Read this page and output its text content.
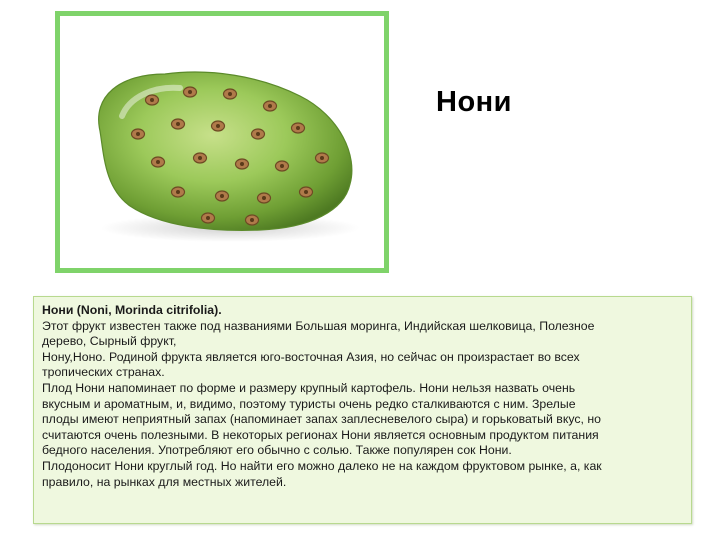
Нони
Нони (Noni, Morinda citrifolia).
Этот фрукт известен также под названиями Большая моринга, Индийская шелковица, Полезное
дерево, Сырный фрукт,
Нону,Ноно. Родиной фрукта является юго-восточная Азия, но сейчас он произрастает во всех
тропических странах.
Плод Нони напоминает по форме и размеру крупный картофель. Нони нельзя назвать очень
вкусным и ароматным, и, видимо, поэтому туристы очень редко сталкиваются с ним. Зрелые
плоды имеют неприятный запах (напоминает запах заплесневелого сыра) и горьковатый вкус, но
считаются очень полезными. В некоторых регионах Нони является основным продуктом питания
бедного населения. Употребляют его обычно с солью. Также популярен сок Нони.
Плодоносит Нони круглый год. Но найти его можно далеко не на каждом фруктовом рынке, а, как
правило, на рынках для местных жителей.
